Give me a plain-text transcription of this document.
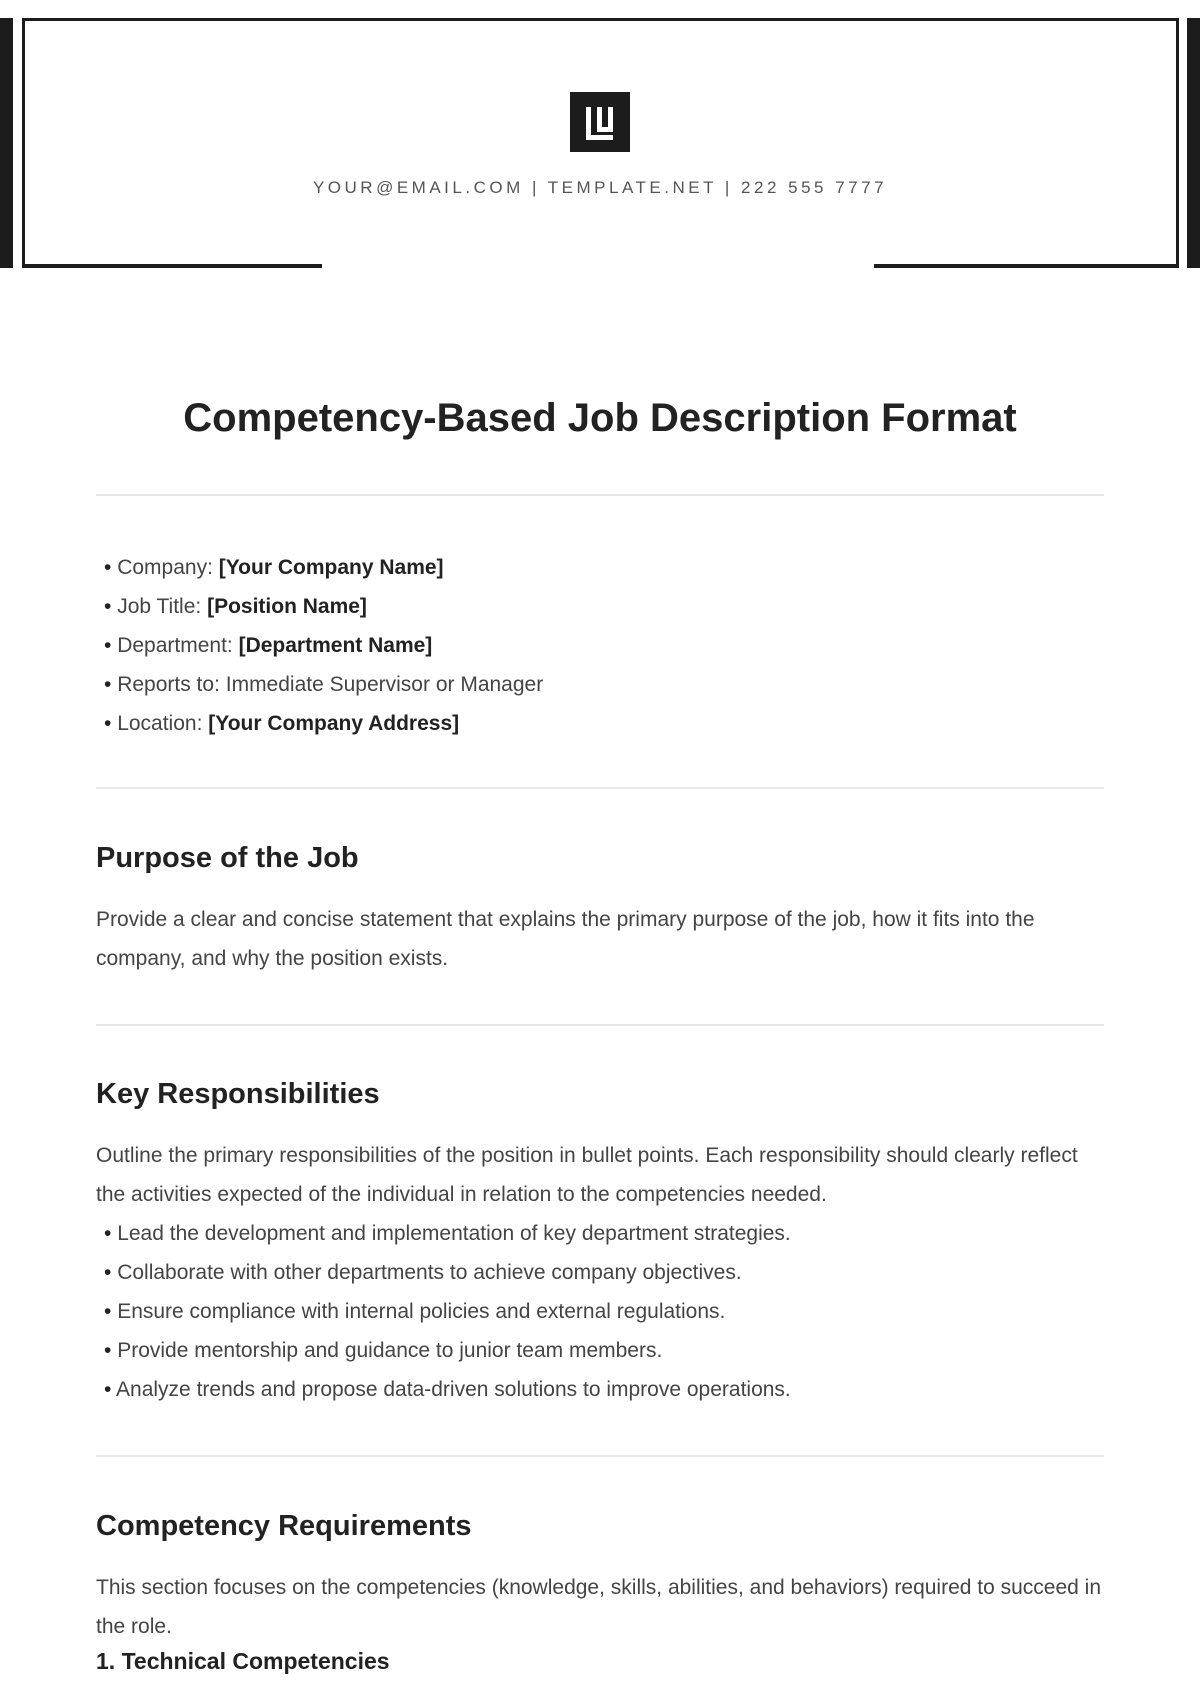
YOUR@EMAIL.COM | TEMPLATE.NET | 222 555 7777
Competency-Based Job Description Format
• Company: [Your Company Name]
• Job Title: [Position Name]
• Department: [Department Name]
• Reports to: Immediate Supervisor or Manager
• Location: [Your Company Address]
Purpose of the Job
Provide a clear and concise statement that explains the primary purpose of the job, how it fits into the company, and why the position exists.
Key Responsibilities
Outline the primary responsibilities of the position in bullet points. Each responsibility should clearly reflect the activities expected of the individual in relation to the competencies needed.
• Lead the development and implementation of key department strategies.
• Collaborate with other departments to achieve company objectives.
• Ensure compliance with internal policies and external regulations.
• Provide mentorship and guidance to junior team members.
• Analyze trends and propose data-driven solutions to improve operations.
Competency Requirements
This section focuses on the competencies (knowledge, skills, abilities, and behaviors) required to succeed in the role.
1. Technical Competencies
